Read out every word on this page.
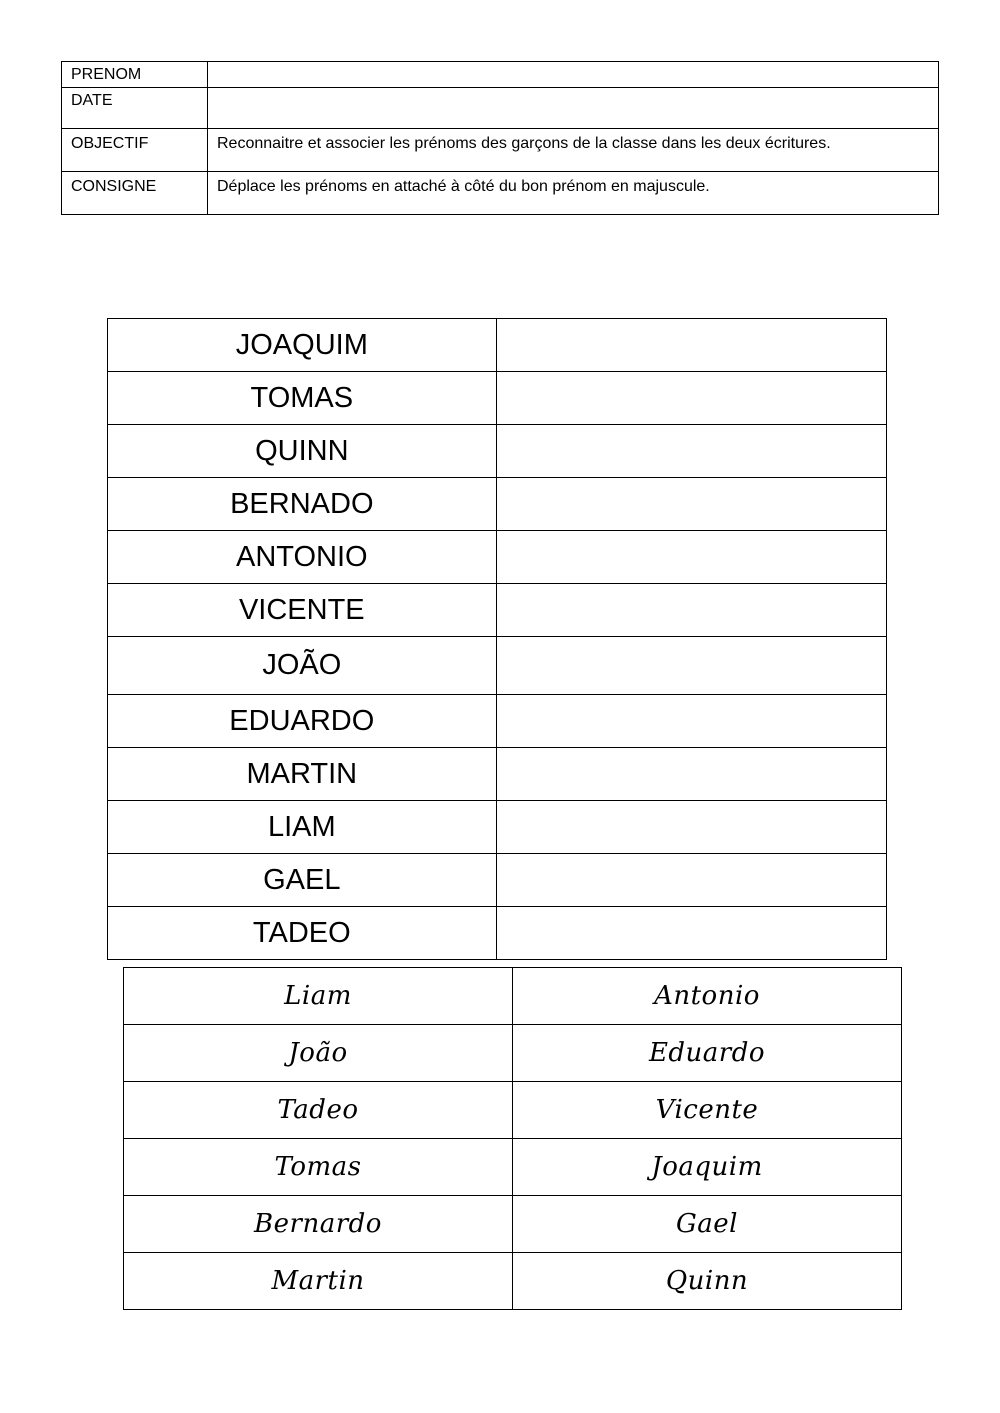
PRENOM	
DATE	
OBJECTIF	Reconnaitre et associer les prénoms des garçons de la classe dans les deux écritures.
CONSIGNE	Déplace les prénoms en attaché à côté du bon prénom en majuscule.
JOAQUIM	
TOMAS	
QUINN	
BERNADO	
ANTONIO	
VICENTE	
JOÃO	
EDUARDO	
MARTIN	
LIAM	
GAEL	
TADEO	
Liam	Antonio
João	Eduardo
Tadeo	Vicente
Tomas	Joaquim
Bernardo	Gael
Martin	Quinn
